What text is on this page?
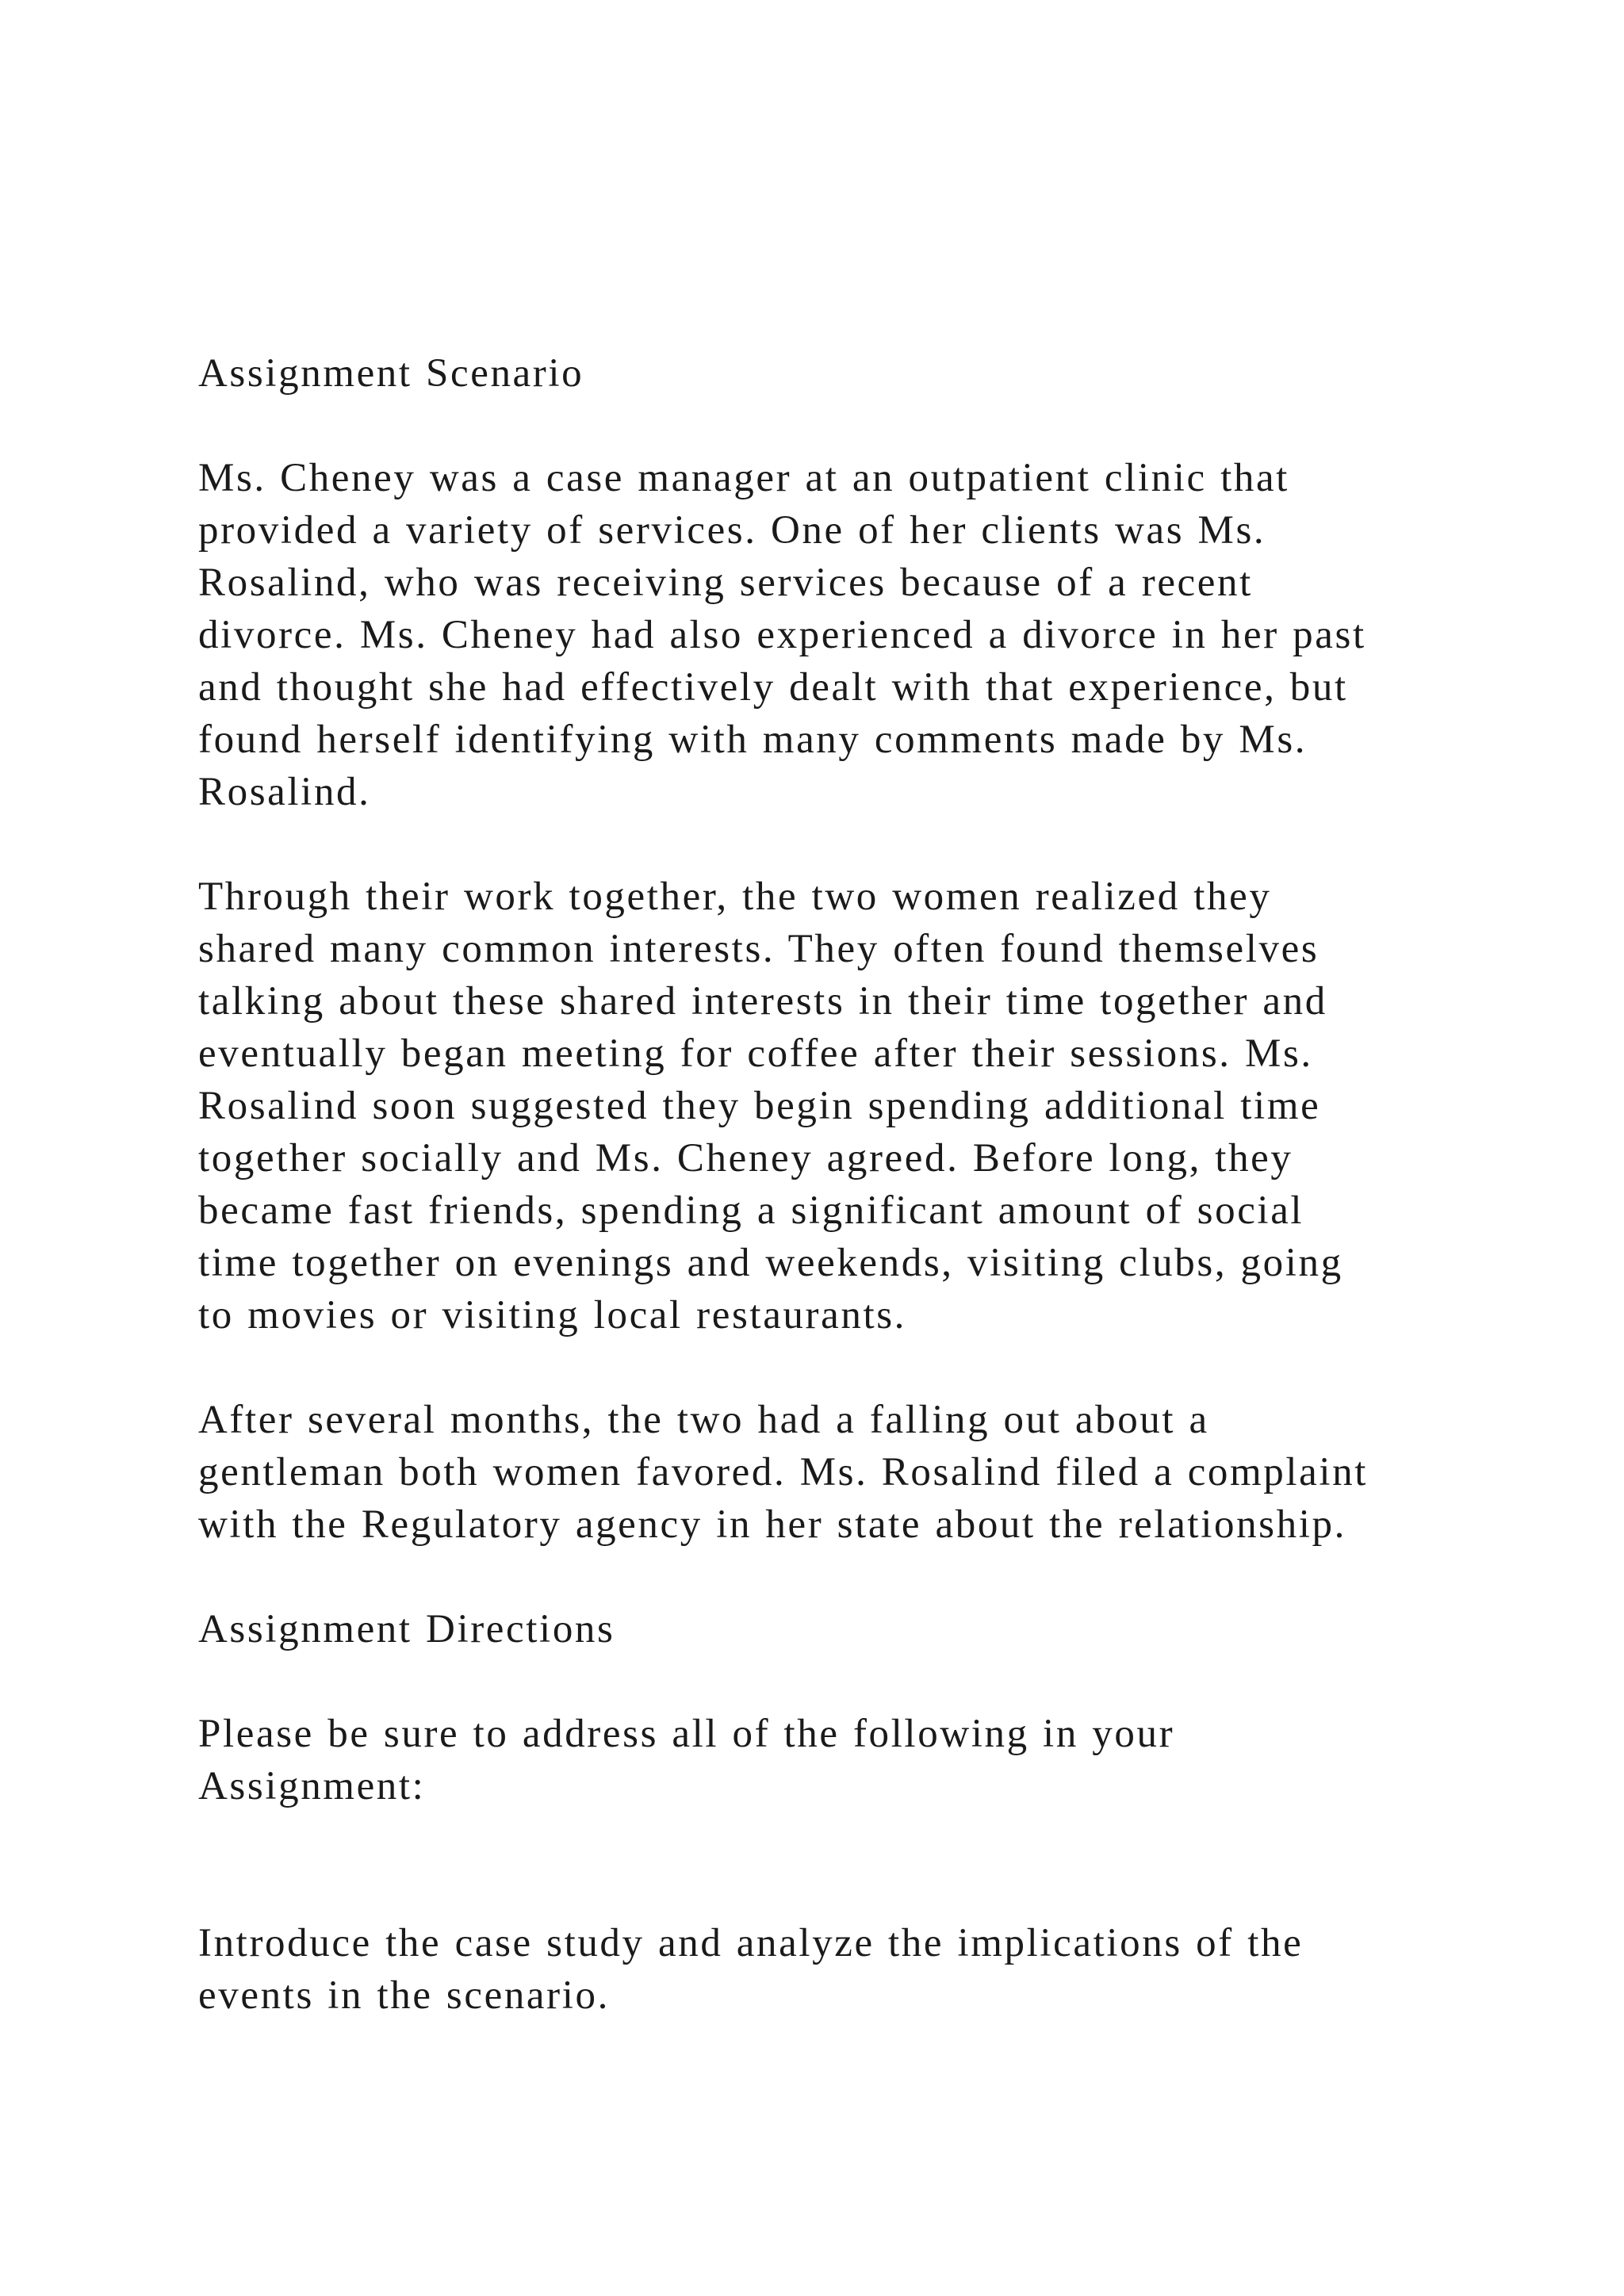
Assignment Scenario
Ms. Cheney was a case manager at an outpatient clinic that
provided a variety of services. One of her clients was Ms.
Rosalind, who was receiving services because of a recent
divorce. Ms. Cheney had also experienced a divorce in her past
and thought she had effectively dealt with that experience, but
found herself identifying with many comments made by Ms.
Rosalind.
Through their work together, the two women realized they
shared many common interests. They often found themselves
talking about these shared interests in their time together and
eventually began meeting for coffee after their sessions. Ms.
Rosalind soon suggested they begin spending additional time
together socially and Ms. Cheney agreed. Before long, they
became fast friends, spending a significant amount of social
time together on evenings and weekends, visiting clubs, going
to movies or visiting local restaurants.
After several months, the two had a falling out about a
gentleman both women favored. Ms. Rosalind filed a complaint
with the Regulatory agency in her state about the relationship.
Assignment Directions
Please be sure to address all of the following in your
Assignment:
Introduce the case study and analyze the implications of the
events in the scenario.
